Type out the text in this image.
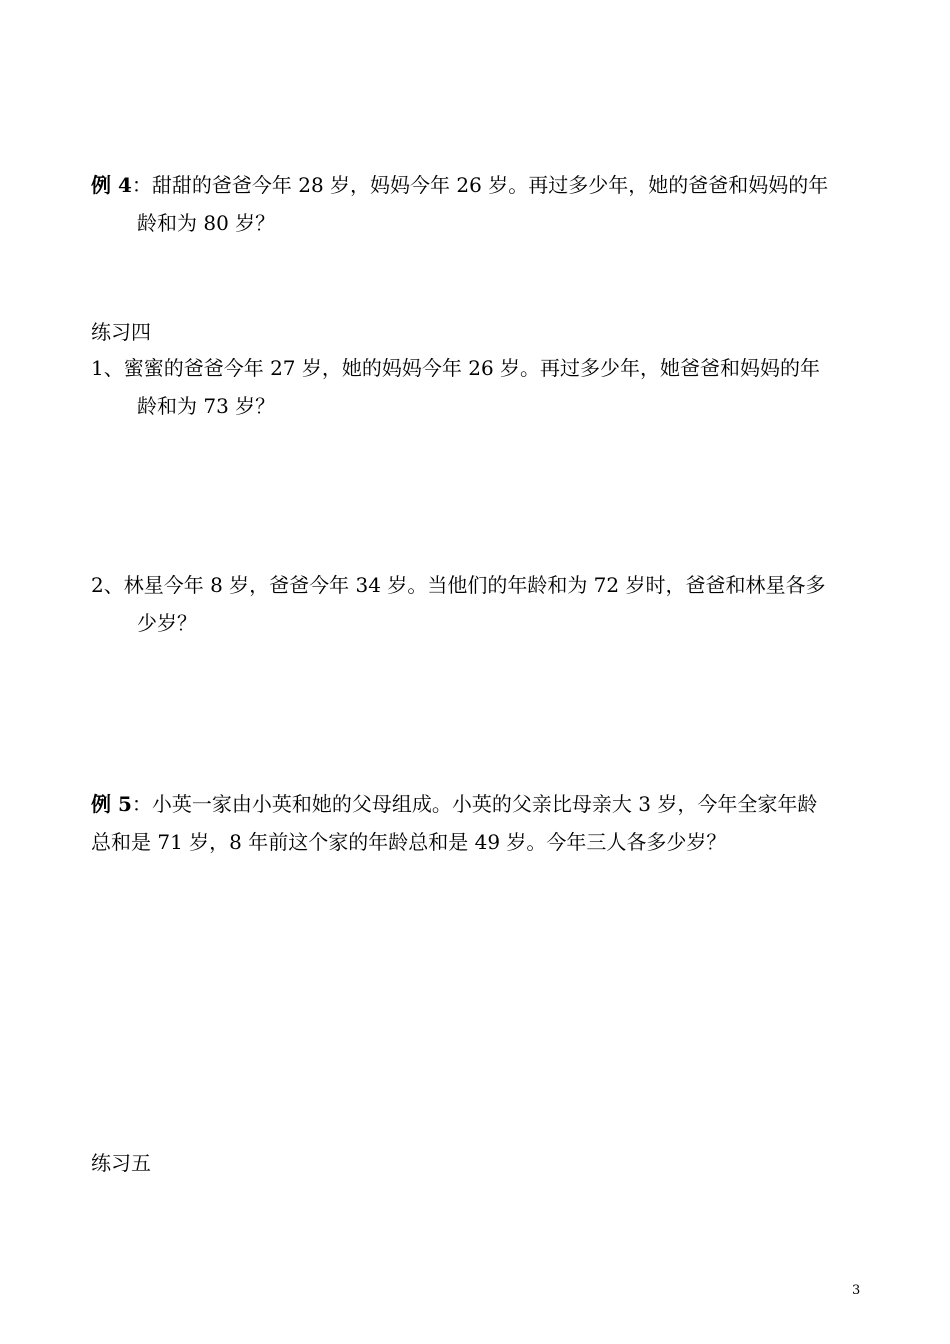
例 4：甜甜的爸爸今年 28 岁，妈妈今年 26 岁。再过多少年，她的爸爸和妈妈的年
龄和为 80 岁？
练习四
1、蜜蜜的爸爸今年 27 岁，她的妈妈今年 26 岁。再过多少年，她爸爸和妈妈的年
龄和为 73 岁？
2、林星今年 8 岁，爸爸今年 34 岁。当他们的年龄和为 72 岁时，爸爸和林星各多
少岁？
例 5：小英一家由小英和她的父母组成。小英的父亲比母亲大 3 岁，今年全家年龄
总和是 71 岁，8 年前这个家的年龄总和是 49 岁。今年三人各多少岁？
练习五
3
